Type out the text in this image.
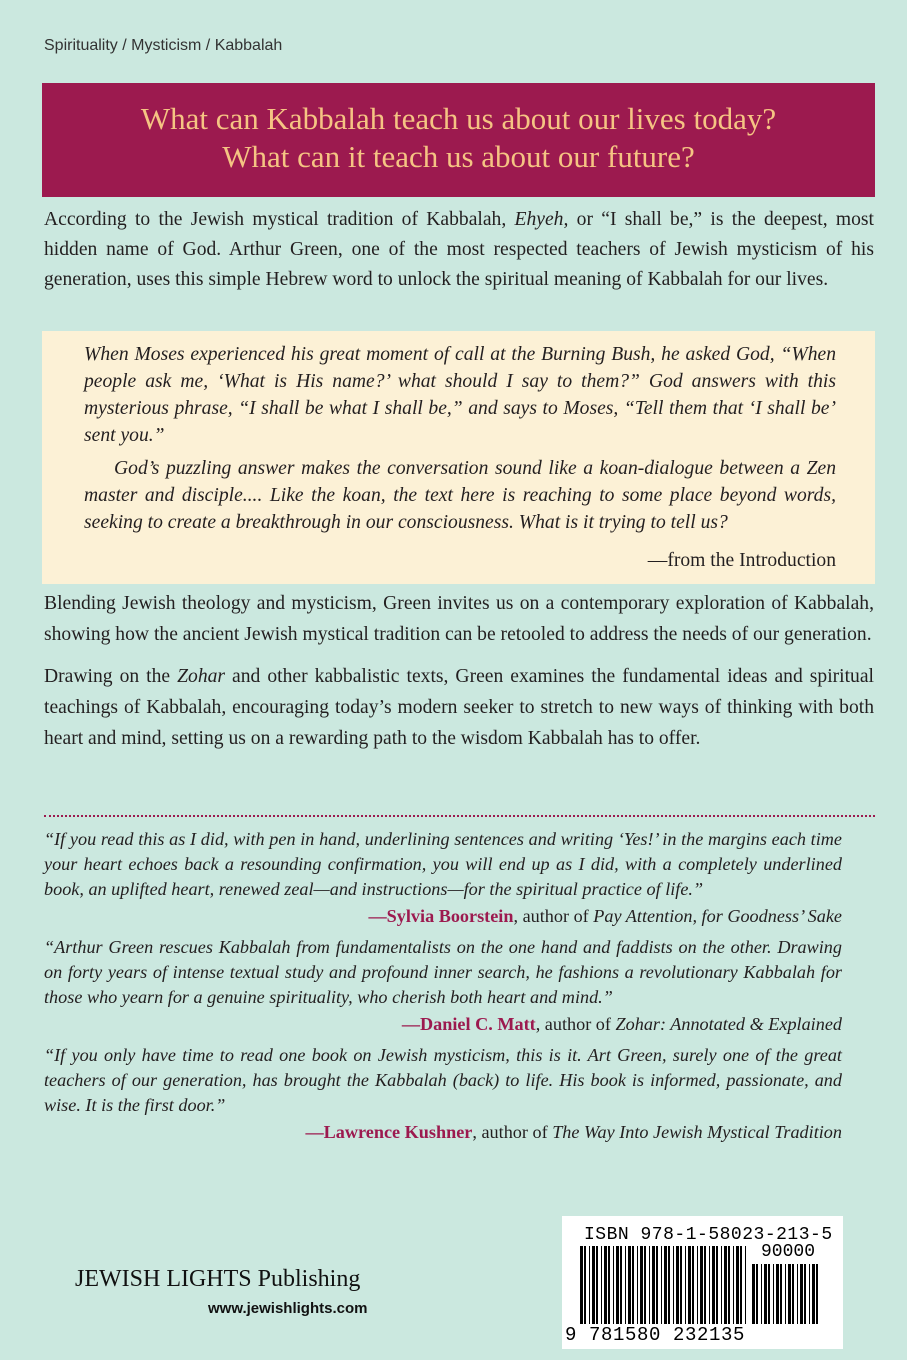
Spirituality / Mysticism / Kabbalah
What can Kabbalah teach us about our lives today?
What can it teach us about our future?
According to the Jewish mystical tradition of Kabbalah, Ehyeh, or “I shall be,” is the deepest, most hidden name of God. Arthur Green, one of the most respected teachers of Jewish mysticism of his generation, uses this simple Hebrew word to unlock the spiritual meaning of Kabbalah for our lives.

When Moses experienced his great moment of call at the Burning Bush, he asked God, “When people ask me, ‘What is His name?’ what should I say to them?” God answers with this mysterious phrase, “I shall be what I shall be,” and says to Moses, “Tell them that ‘I shall be’ sent you.”

God’s puzzling answer makes the conversation sound like a koan-dialogue between a Zen master and disciple.... Like the koan, the text here is reaching to some place beyond words, seeking to create a breakthrough in our consciousness. What is it trying to tell us?

—from the Introduction

Blending Jewish theology and mysticism, Green invites us on a contemporary exploration of Kabbalah, showing how the ancient Jewish mystical tradition can be retooled to address the needs of our generation.

Drawing on the Zohar and other kabbalistic texts, Green examines the fundamental ideas and spiritual teachings of Kabbalah, encouraging today’s modern seeker to stretch to new ways of thinking with both heart and mind, setting us on a rewarding path to the wisdom Kabbalah has to offer.

“If you read this as I did, with pen in hand, underlining sentences and writing ‘Yes!’ in the margins each time your heart echoes back a resounding confirmation, you will end up as I did, with a completely underlined book, an uplifted heart, renewed zeal—and instructions—for the spiritual practice of life.”
—Sylvia Boorstein, author of Pay Attention, for Goodness’ Sake
“Arthur Green rescues Kabbalah from fundamentalists on the one hand and faddists on the other. Drawing on forty years of intense textual study and profound inner search, he fashions a revolutionary Kabbalah for those who yearn for a genuine spirituality, who cherish both heart and mind.”
—Daniel C. Matt, author of Zohar: Annotated & Explained
“If you only have time to read one book on Jewish mysticism, this is it. Art Green, surely one of the great teachers of our generation, has brought the Kabbalah (back) to life. His book is informed, passionate, and wise. It is the first door.”
—Lawrence Kushner, author of The Way Into Jewish Mystical Tradition
JEWISH LIGHTS Publishing
www.jewishlights.com
ISBN 978-1-58023-213-5
90000
9 781580 232135
